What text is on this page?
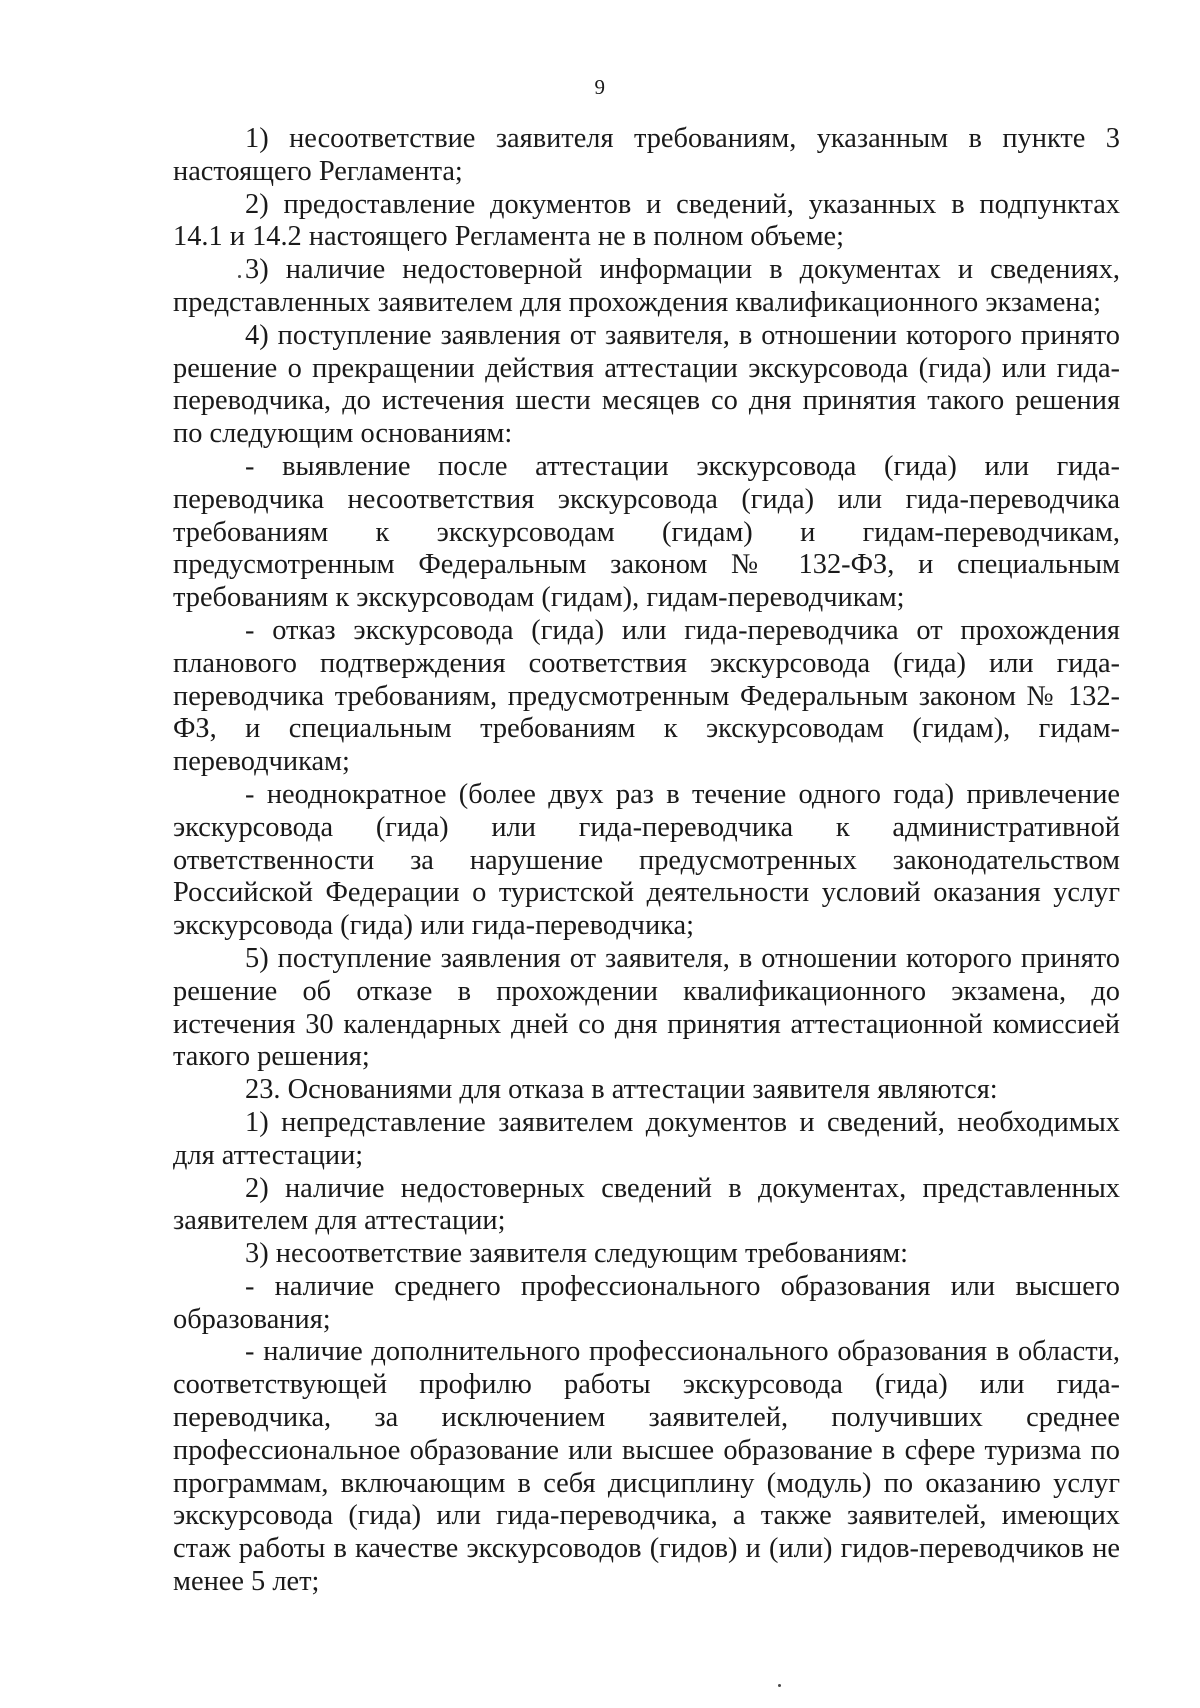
9

1) несоответствие заявителя требованиям, указанным в пункте 3 настоящего Регламента;

2) предоставление документов и сведений, указанных в подпунктах 14.1 и 14.2 настоящего Регламента не в полном объеме;

3) наличие недостоверной информации в документах и сведениях, представленных заявителем для прохождения квалификационного экзамена;

4) поступление заявления от заявителя, в отношении которого принято решение о прекращении действия аттестации экскурсовода (гида) или гида-переводчика, до истечения шести месяцев со дня принятия такого решения по следующим основаниям:

- выявление после аттестации экскурсовода (гида) или гида-переводчика несоответствия экскурсовода (гида) или гида-переводчика требованиям к экскурсоводам (гидам) и гидам-переводчикам, предусмотренным Федеральным законом № 132-ФЗ, и специальным требованиям к экскурсоводам (гидам), гидам-переводчикам;

- отказ экскурсовода (гида) или гида-переводчика от прохождения планового подтверждения соответствия экскурсовода (гида) или гида-переводчика требованиям, предусмотренным Федеральным законом № 132-ФЗ, и специальным требованиям к экскурсоводам (гидам), гидам-переводчикам;

- неоднократное (более двух раз в течение одного года) привлечение экскурсовода (гида) или гида-переводчика к административной ответственности за нарушение предусмотренных законодательством Российской Федерации о туристской деятельности условий оказания услуг экскурсовода (гида) или гида-переводчика;

5) поступление заявления от заявителя, в отношении которого принято решение об отказе в прохождении квалификационного экзамена, до истечения 30 календарных дней со дня принятия аттестационной комиссией такого решения;

23. Основаниями для отказа в аттестации заявителя являются:

1) непредставление заявителем документов и сведений, необходимых для аттестации;

2) наличие недостоверных сведений в документах, представленных заявителем для аттестации;

3) несоответствие заявителя следующим требованиям:

- наличие среднего профессионального образования или высшего образования;

- наличие дополнительного профессионального образования в области, соответствующей профилю работы экскурсовода (гида) или гида-переводчика, за исключением заявителей, получивших среднее профессиональное образование или высшее образование в сфере туризма по программам, включающим в себя дисциплину (модуль) по оказанию услуг экскурсовода (гида) или гида-переводчика, а также заявителей, имеющих стаж работы в качестве экскурсоводов (гидов) и (или) гидов-переводчиков не менее 5 лет;
